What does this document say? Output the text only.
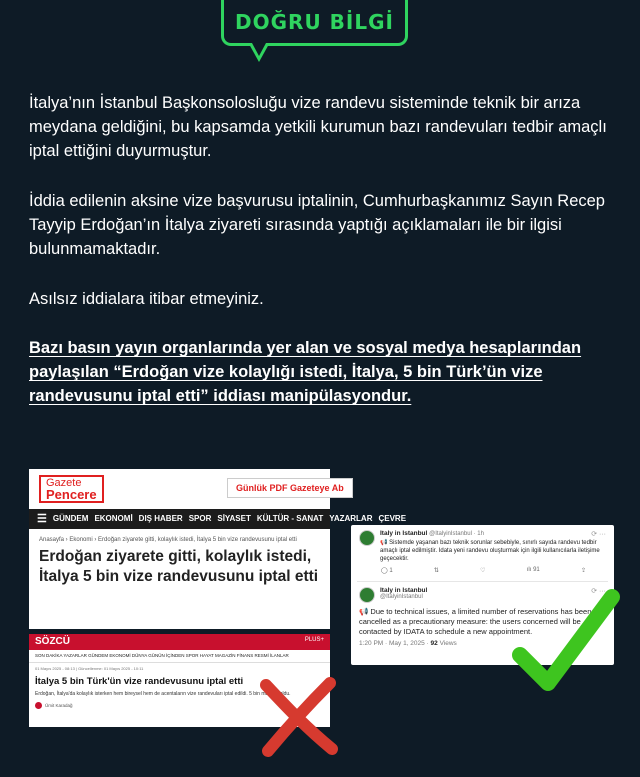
DOĞRU BİLGİ
İtalya’nın İstanbul Başkonsolosluğu vize randevu sisteminde teknik bir arıza meydana geldiğini, bu kapsamda yetkili kurumun bazı randevuları tedbir amaçlı iptal ettiğini duyurmuştur.
İddia edilenin aksine vize başvurusu iptalinin, Cumhurbaşkanımız Sayın Recep Tayyip Erdoğan’ın İtalya ziyareti sırasında yaptığı açıklamaları ile bir ilgisi bulunmamaktadır.
Asılsız iddialara itibar etmeyiniz.
Bazı basın yayın organlarında yer alan ve sosyal medya hesaplarından paylaşılan “Erdoğan vize kolaylığı istedi, İtalya, 5 bin Türk’ün vize randevusunu iptal etti” iddiası manipülasyondur.
Gazete
Pencere	Günlük PDF Gazeteye Ab
☰ GÜNDEM EKONOMİ DIŞ HABER SPOR SİYASET KÜLTÜR - SANAT YAZARLAR ÇEVRE
Anasayfa › Ekonomi › Erdoğan ziyarete gitti, kolaylık istedi, İtalya 5 bin vize randevusunu iptal etti
Erdoğan ziyarete gitti, kolaylık istedi, İtalya 5 bin vize randevusunu iptal etti
SÖZCÜ	PLUS+
SON DAKİKA YAZARLAR GÜNDEM EKONOMİ DÜNYA GÜNÜN İÇİNDEN SPOR HAYAT MAGAZİN FİNANS RESMİ İLANLAR
01 Mayıs 2025 - 08:13 | Güncellenme: 01 Mayıs 2025 - 10:11
İtalya 5 bin Türk'ün vize randevusunu iptal etti
Erdoğan, İtalya'da kolaylık isterken hem bireysel hem de acentaların vize randevuları iptal edildi. 5 bin mağdur oldu.
Ümit Karadağ
⟳ ···
Italy in Istanbul @ItalyinIstanbul · 1h
📢 Sistemde yaşanan bazı teknik sorunlar sebebiyle, sınırlı sayıda randevu tedbir amaçlı iptal edilmiştir. Idata yeni randevu oluşturmak için ilgili kullanıcılarla iletişime geçecektir.
◯ 1	⇅	♡	ılı 91	⇪
⟳ ···
Italy in Istanbul
@ItalyinIstanbul
📢 Due to technical issues, a limited number of reservations has been cancelled as a precautionary measure: the users concerned will be contacted by IDATA to schedule a new appointment.
1:20 PM · May 1, 2025 · 92 Views
